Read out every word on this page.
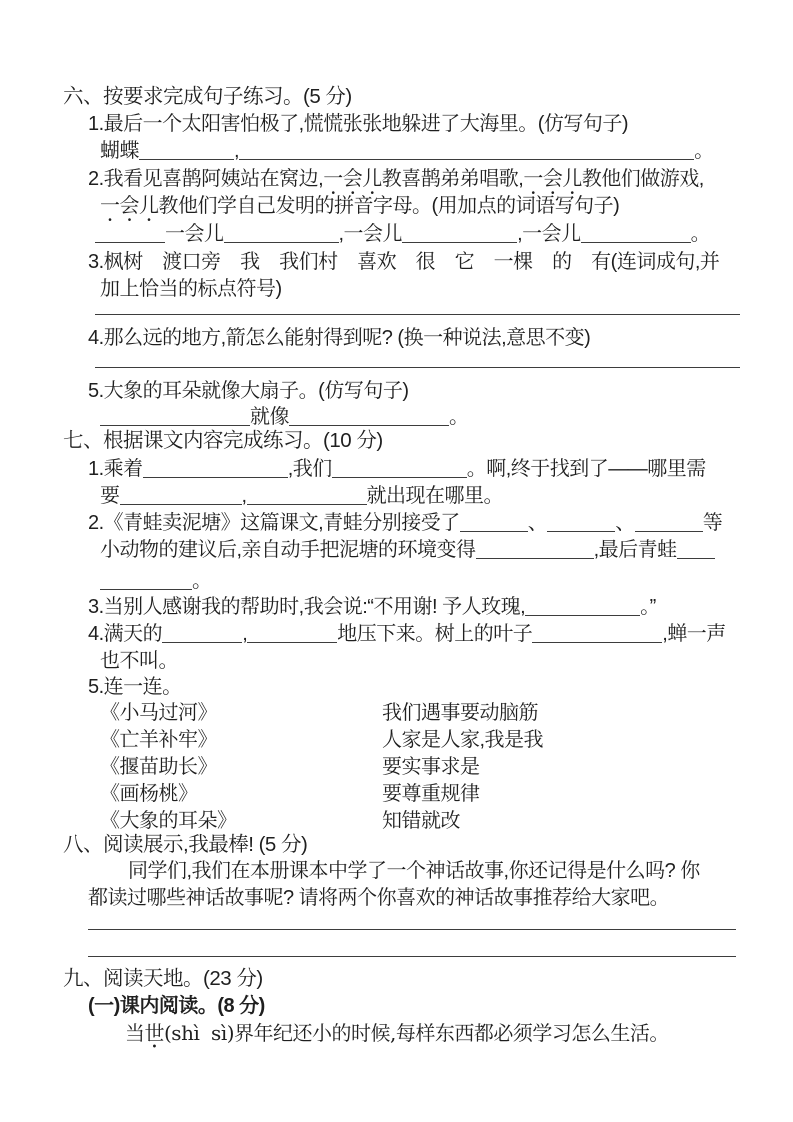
六、按要求完成句子练习。(5 分)
1.最后一个太阳害怕极了,慌慌张张地躲进了大海里。(仿写句子)
蝴蝶	,	。
2.我看见喜鹊阿姨站在窝边,一会儿教喜鹊弟弟唱歌,一会儿教他们做游戏,
一会儿教他们学自己发明的拼音字母。(用加点的词语写句子)
一会儿	,一会儿	,一会儿	。
3.枫树　渡口旁　我　我们村　喜欢　很　它　一棵　的　有(连词成句,并
加上恰当的标点符号)
4.那么远的地方,箭怎么能射得到呢? (换一种说法,意思不变)
5.大象的耳朵就像大扇子。(仿写句子)
就像	。
七、根据课文内容完成练习。(10 分)
1.乘着	,我们	。啊,终于找到了——哪里需
要	,	就出现在哪里。
2.《青蛙卖泥塘》这篇课文,青蛙分别接受了	、	、	等
小动物的建议后,亲自动手把泥塘的环境变得	,最后青蛙
。
3.当别人感谢我的帮助时,我会说:“不用谢! 予人玫瑰,	。”
4.满天的	,	地压下来。树上的叶子	,蝉一声
也不叫。
5.连一连。
《小马过河》	我们遇事要动脑筋
《亡羊补牢》	人家是人家,我是我
《揠苗助长》	要实事求是
《画杨桃》	要尊重规律
《大象的耳朵》	知错就改
八、阅读展示,我最棒! (5 分)
同学们,我们在本册课本中学了一个神话故事,你还记得是什么吗? 你
都读过哪些神话故事呢? 请将两个你喜欢的神话故事推荐给大家吧。
九、阅读天地。(23 分)
(一)课内阅读。(8 分)
当世(shì  sì)界年纪还小的时候,每样东西都必须学习怎么生活。
